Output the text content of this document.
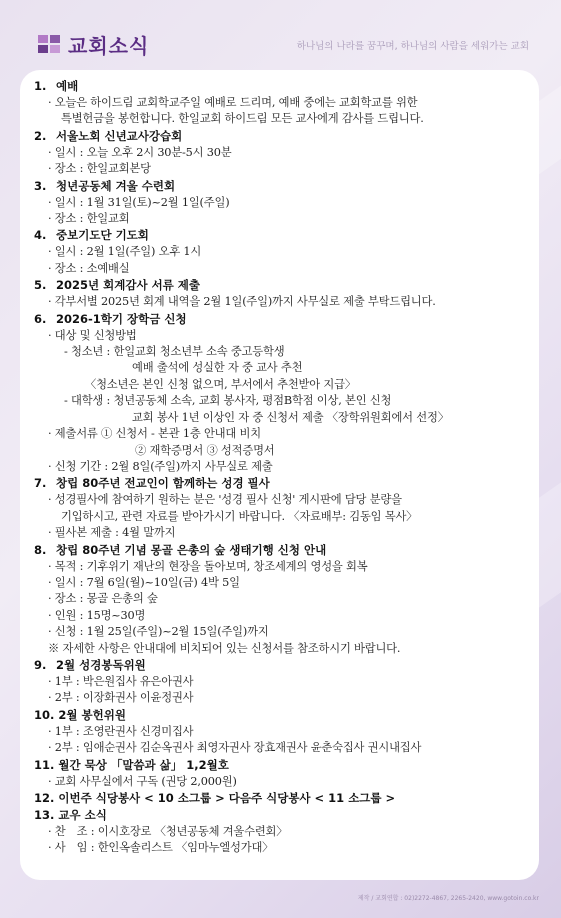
교회소식	하나님의 나라를 꿈꾸며, 하나님의 사람을 세워가는 교회
1. 예배
· 오늘은 하이드림 교회학교주일 예배로 드리며, 예배 중에는 교회학교를 위한
특별헌금을 봉헌합니다. 한일교회 하이드림 모든 교사에게 감사를 드립니다.
2. 서울노회 신년교사강습회
· 일시 : 오늘 오후 2시 30분-5시 30분
· 장소 : 한일교회본당
3. 청년공동체 겨울 수련회
· 일시 : 1월 31일(토)~2월 1일(주일)
· 장소 : 한일교회
4. 중보기도단 기도회
· 일시 : 2월 1일(주일) 오후 1시
· 장소 : 소예배실
5. 2025년 회계감사 서류 제출
· 각부서별 2025년 회계 내역을 2월 1일(주일)까지 사무실로 제출 부탁드립니다.
6. 2026-1학기 장학금 신청
· 대상 및 신청방법
- 청소년 : 한일교회 청소년부 소속 중고등학생
예배 출석에 성실한 자 중 교사 추천
〈청소년은 본인 신청 없으며, 부서에서 추천받아 지급〉
- 대학생 : 청년공동체 소속, 교회 봉사자, 평점B학점 이상, 본인 신청
교회 봉사 1년 이상인 자 중 신청서 제출 〈장학위원회에서 선정〉
· 제출서류 ① 신청서 - 본관 1층 안내대 비치
② 재학증명서 ③ 성적증명서
· 신청 기간 : 2월 8일(주일)까지 사무실로 제출
7. 창립 80주년 전교인이 함께하는 성경 필사
· 성경필사에 참여하기 원하는 분은 '성경 필사 신청' 게시판에 담당 분량을
기입하시고, 관련 자료를 받아가시기 바랍니다. 〈자료배부: 김동임 목사〉
· 필사본 제출 : 4월 말까지
8. 창립 80주년 기념 몽골 은총의 숲 생태기행 신청 안내
· 목적 : 기후위기 재난의 현장을 돌아보며, 창조세계의 영성을 회복
· 일시 : 7월 6일(월)~10일(금) 4박 5일
· 장소 : 몽골 은총의 숲
· 인원 : 15명~30명
· 신청 : 1월 25일(주일)~2월 15일(주일)까지
※ 자세한 사항은 안내대에 비치되어 있는 신청서를 참조하시기 바랍니다.
9. 2월 성경봉독위원
· 1부 : 박은원집사 유은아권사
· 2부 : 이장화권사 이윤정권사
10. 2월 봉헌위원
· 1부 : 조영란권사 신경미집사
· 2부 : 임애순권사 김순옥권사 최영자권사 장효재권사 윤춘숙집사 권시내집사
11. 월간 묵상 「말씀과 삶」 1,2월호
· 교회 사무실에서 구독 (권당 2,000원)
12. 이번주 식당봉사 < 10 소그룹 > 다음주 식당봉사 < 11 소그룹 >
13. 교우 소식
· 찬　조 : 이시호장로 〈청년공동체 겨울수련회〉
· 사　임 : 한인옥솔리스트 〈임마누엘성가대〉
제작 / 교회연합 : 02)2272-4867, 2265-2420, www.gotoin.co.kr
